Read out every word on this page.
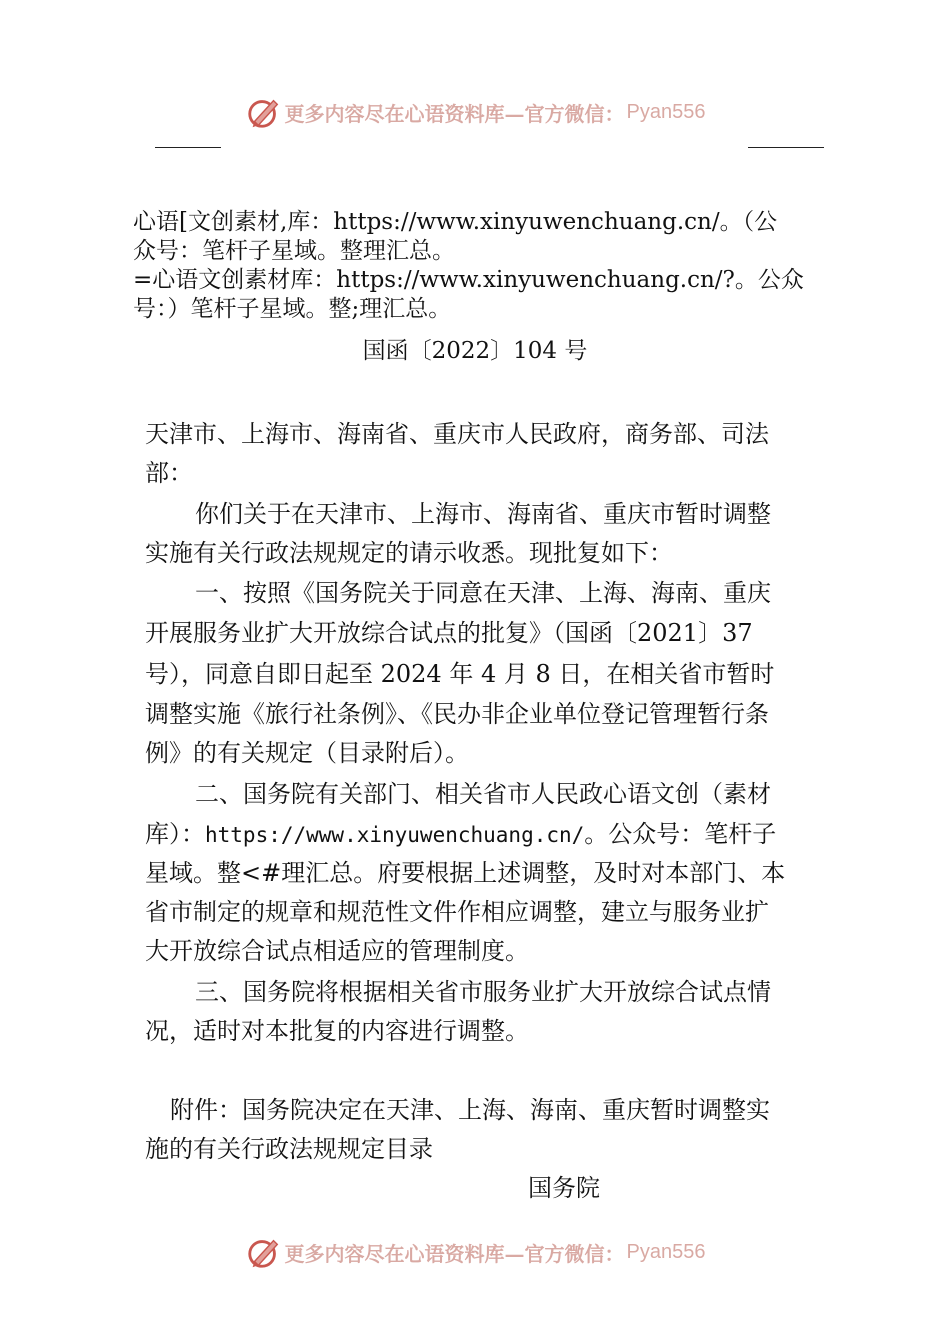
更多内容尽在心语资料库—官方微信： Pyan556
心语[文创素材,库：https://www.xinyuwenchuang.cn/。（公
众号：笔杆子星域。整理汇总。
=心语文创素材库：https://www.xinyuwenchuang.cn/?。公众
号：）笔杆子星域。整;理汇总。
国函〔2022〕104 号
天津市、上海市、海南省、重庆市人民政府，商务部、司法
部：
你们关于在天津市、上海市、海南省、重庆市暂时调整
实施有关行政法规规定的请示收悉。现批复如下：
一、按照《国务院关于同意在天津、上海、海南、重庆
开展服务业扩大开放综合试点的批复》（国函〔2021〕37
号），同意自即日起至 2024 年 4 月 8 日，在相关省市暂时
调整实施《旅行社条例》、《民办非企业单位登记管理暂行条
例》的有关规定（目录附后）。
二、国务院有关部门、相关省市人民政心语文创（素材
库）：https://www.xinyuwenchuang.cn/。公众号：笔杆子
星域。整<#理汇总。府要根据上述调整，及时对本部门、本
省市制定的规章和规范性文件作相应调整，建立与服务业扩
大开放综合试点相适应的管理制度。
三、国务院将根据相关省市服务业扩大开放综合试点情
况，适时对本批复的内容进行调整。
附件：国务院决定在天津、上海、海南、重庆暂时调整实
施的有关行政法规规定目录
国务院
更多内容尽在心语资料库—官方微信： Pyan556
